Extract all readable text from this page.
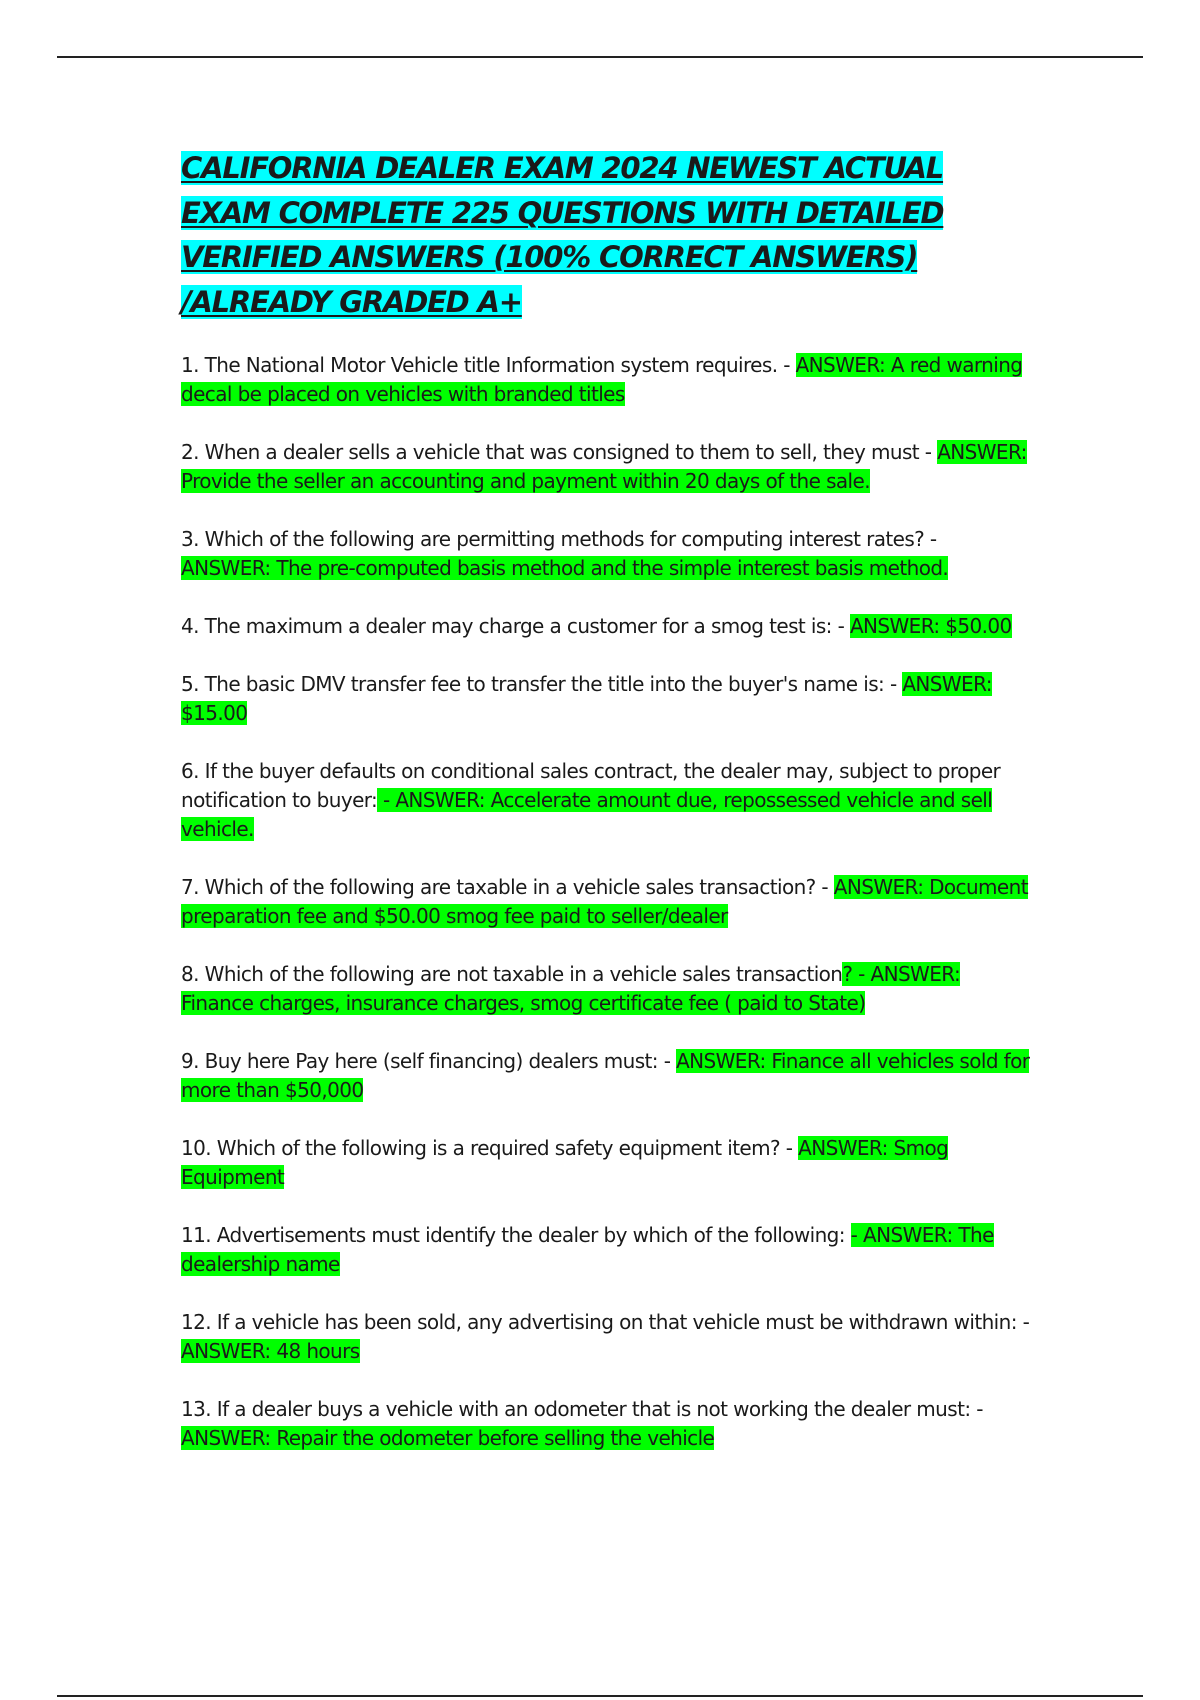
CALIFORNIA DEALER EXAM 2024 NEWEST ACTUAL EXAM COMPLETE 225 QUESTIONS WITH DETAILED VERIFIED ANSWERS (100% CORRECT ANSWERS) /ALREADY GRADED A+

1. The National Motor Vehicle title Information system requires. - ANSWER: A red warning decal be placed on vehicles with branded titles

2. When a dealer sells a vehicle that was consigned to them to sell, they must - ANSWER: Provide the seller an accounting and payment within 20 days of the sale.

3. Which of the following are permitting methods for computing interest rates? - ANSWER: The pre-computed basis method and the simple interest basis method.

4. The maximum a dealer may charge a customer for a smog test is: - ANSWER: $50.00

5. The basic DMV transfer fee to transfer the title into the buyer's name is: - ANSWER: $15.00

6. If the buyer defaults on conditional sales contract, the dealer may, subject to proper notification to buyer: - ANSWER: Accelerate amount due, repossessed vehicle and sell vehicle.

7. Which of the following are taxable in a vehicle sales transaction? - ANSWER: Document preparation fee and $50.00 smog fee paid to seller/dealer

8. Which of the following are not taxable in a vehicle sales transaction? - ANSWER: Finance charges, insurance charges, smog certificate fee ( paid to State)

9. Buy here Pay here (self financing) dealers must: - ANSWER: Finance all vehicles sold for more than $50,000

10. Which of the following is a required safety equipment item? - ANSWER: Smog Equipment

11. Advertisements must identify the dealer by which of the following: - ANSWER: The dealership name

12. If a vehicle has been sold, any advertising on that vehicle must be withdrawn within: - ANSWER: 48 hours

13. If a dealer buys a vehicle with an odometer that is not working the dealer must: - ANSWER: Repair the odometer before selling the vehicle
